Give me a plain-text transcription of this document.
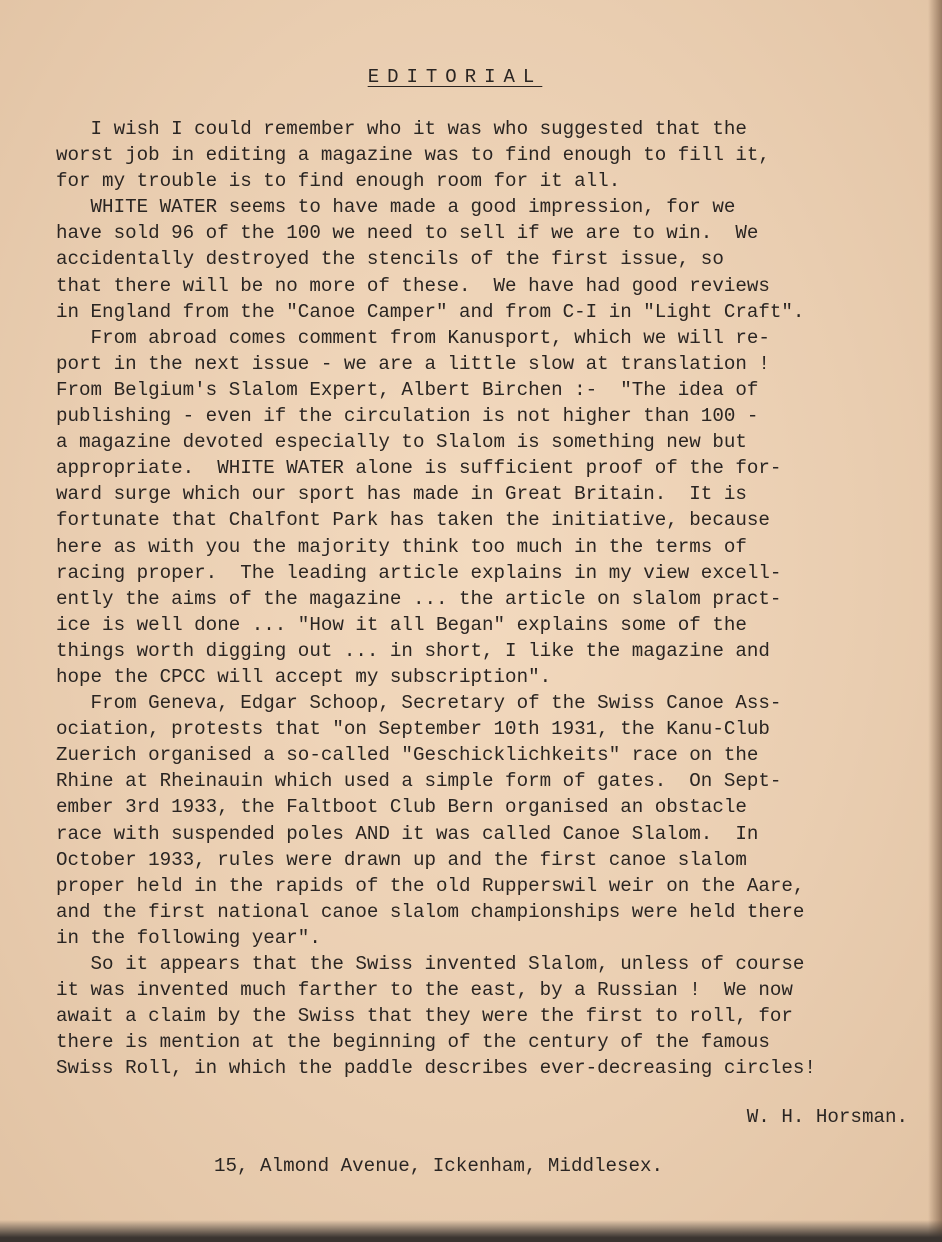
EDITORIAL
I wish I could remember who it was who suggested that the
worst job in editing a magazine was to find enough to fill it,
for my trouble is to find enough room for it all.
WHITE WATER seems to have made a good impression, for we
have sold 96 of the 100 we need to sell if we are to win.  We
accidentally destroyed the stencils of the first issue, so
that there will be no more of these.  We have had good reviews
in England from the "Canoe Camper" and from C-I in "Light Craft".
From abroad comes comment from Kanusport, which we will re-
port in the next issue - we are a little slow at translation !
From Belgium's Slalom Expert, Albert Birchen :-  "The idea of
publishing - even if the circulation is not higher than 100 -
a magazine devoted especially to Slalom is something new but
appropriate.  WHITE WATER alone is sufficient proof of the for-
ward surge which our sport has made in Great Britain.  It is
fortunate that Chalfont Park has taken the initiative, because
here as with you the majority think too much in the terms of
racing proper.  The leading article explains in my view excell-
ently the aims of the magazine ... the article on slalom pract-
ice is well done ... "How it all Began" explains some of the
things worth digging out ... in short, I like the magazine and
hope the CPCC will accept my subscription".
From Geneva, Edgar Schoop, Secretary of the Swiss Canoe Ass-
ociation, protests that "on September 10th 1931, the Kanu-Club
Zuerich organised a so-called "Geschicklichkeits" race on the
Rhine at Rheinauin which used a simple form of gates.  On Sept-
ember 3rd 1933, the Faltboot Club Bern organised an obstacle
race with suspended poles AND it was called Canoe Slalom.  In
October 1933, rules were drawn up and the first canoe slalom
proper held in the rapids of the old Rupperswil weir on the Aare,
and the first national canoe slalom championships were held there
in the following year".
So it appears that the Swiss invented Slalom, unless of course
it was invented much farther to the east, by a Russian !  We now
await a claim by the Swiss that they were the first to roll, for
there is mention at the beginning of the century of the famous
Swiss Roll, in which the paddle describes ever-decreasing circles!
W. H. Horsman.
15, Almond Avenue, Ickenham, Middlesex.
